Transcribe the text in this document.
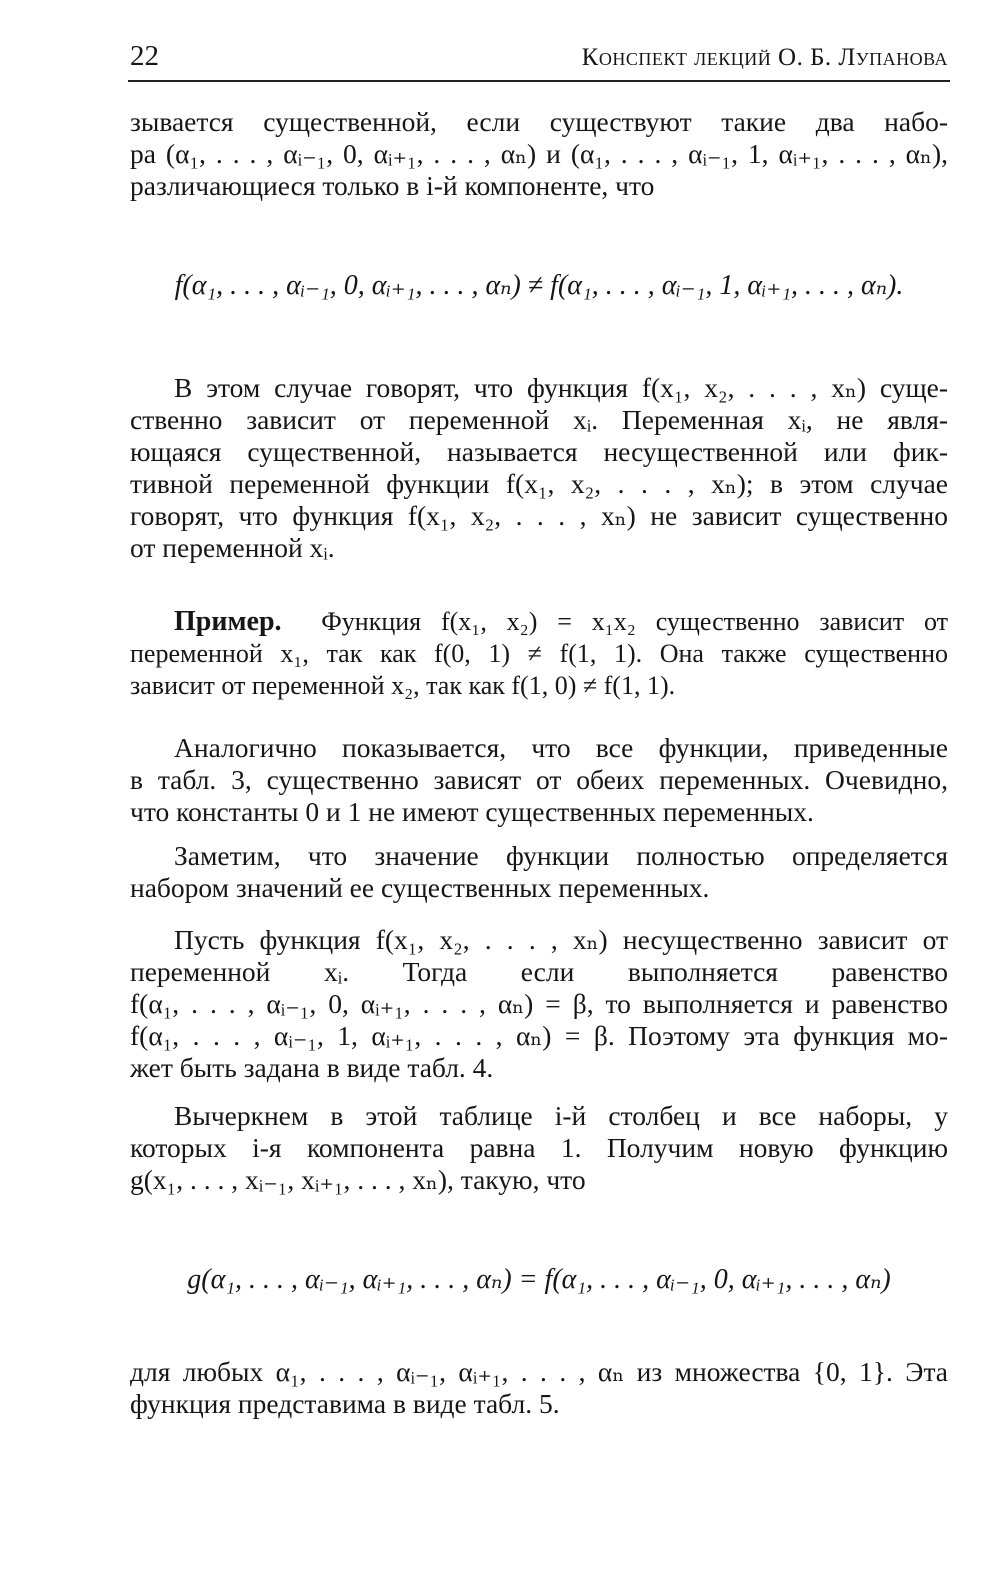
22	Конспект лекций О. Б. Лупанова
зывается существенной, если существуют такие два набо-
ра (α₁, . . . , αᵢ₋₁, 0, αᵢ₊₁, . . . , αₙ) и (α₁, . . . , αᵢ₋₁, 1, αᵢ₊₁, . . . , αₙ),
различающиеся только в i-й компоненте, что
f(α₁, . . . , αᵢ₋₁, 0, αᵢ₊₁, . . . , αₙ) ≠ f(α₁, . . . , αᵢ₋₁, 1, αᵢ₊₁, . . . , αₙ).
В этом случае говорят, что функция f(x₁, x₂, . . . , xₙ) суще-
ственно зависит от переменной xᵢ. Переменная xᵢ, не явля-
ющаяся существенной, называется несущественной или фик-
тивной переменной функции f(x₁, x₂, . . . , xₙ); в этом случае
говорят, что функция f(x₁, x₂, . . . , xₙ) не зависит существенно
от переменной xᵢ.
Пример. Функция f(x₁, x₂) = x₁x₂ существенно зависит от
переменной x₁, так как f(0, 1) ≠ f(1, 1). Она также существенно
зависит от переменной x₂, так как f(1, 0) ≠ f(1, 1).
Аналогично показывается, что все функции, приведенные
в табл. 3, существенно зависят от обеих переменных. Очевидно,
что константы 0 и 1 не имеют существенных переменных.
Заметим, что значение функции полностью определяется
набором значений ее существенных переменных.
Пусть функция f(x₁, x₂, . . . , xₙ) несущественно зависит от
переменной xᵢ. Тогда если выполняется равенство
f(α₁, . . . , αᵢ₋₁, 0, αᵢ₊₁, . . . , αₙ) = β, то выполняется и равенство
f(α₁, . . . , αᵢ₋₁, 1, αᵢ₊₁, . . . , αₙ) = β. Поэтому эта функция мо-
жет быть задана в виде табл. 4.
Вычеркнем в этой таблице i-й столбец и все наборы, у
которых i-я компонента равна 1. Получим новую функцию
g(x₁, . . . , xᵢ₋₁, xᵢ₊₁, . . . , xₙ), такую, что
g(α₁, . . . , αᵢ₋₁, αᵢ₊₁, . . . , αₙ) = f(α₁, . . . , αᵢ₋₁, 0, αᵢ₊₁, . . . , αₙ)
для любых α₁, . . . , αᵢ₋₁, αᵢ₊₁, . . . , αₙ из множества {0, 1}. Эта
функция представима в виде табл. 5.
